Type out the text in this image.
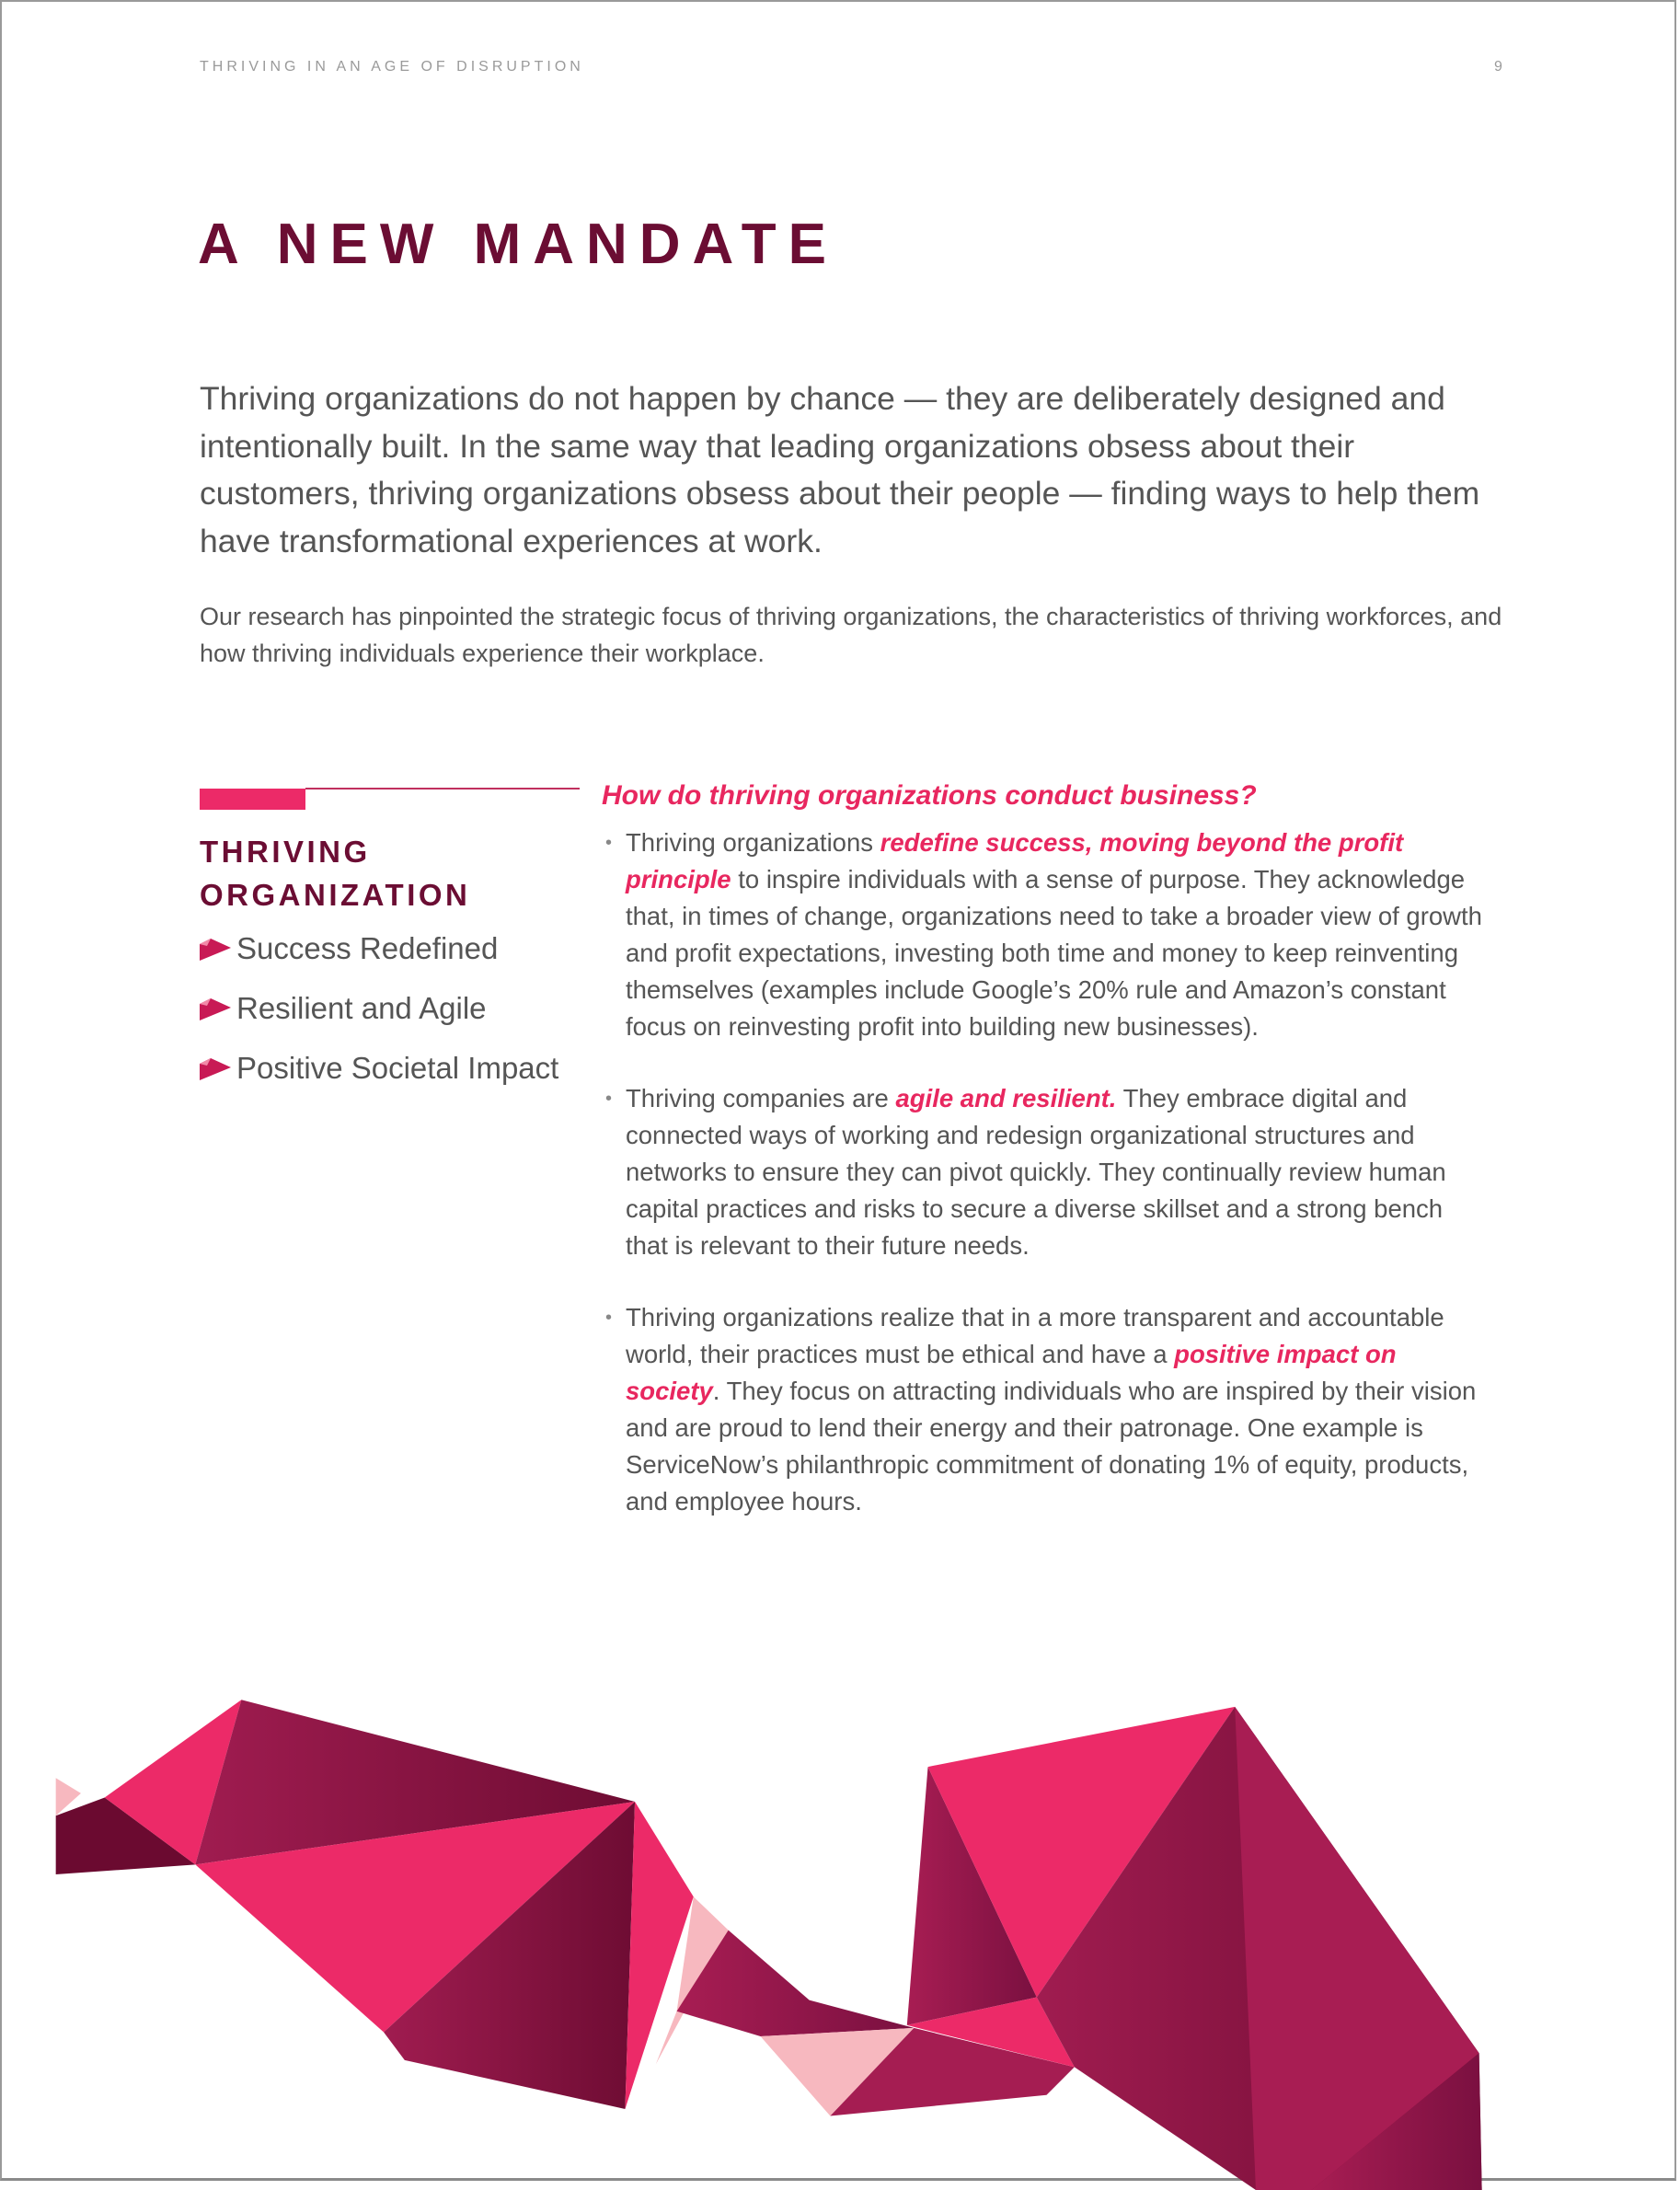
THRIVING IN AN AGE OF DISRUPTION	9
A NEW MANDATE

Thriving organizations do not happen by chance — they are deliberately designed and intentionally built. In the same way that leading organizations obsess about their customers, thriving organizations obsess about their people — finding ways to help them have transformational experiences at work.

Our research has pinpointed the strategic focus of thriving organizations, the characteristics of thriving workforces, and how thriving individuals experience their workplace.

THRIVING
ORGANIZATION
Success Redefined
Resilient and Agile
Positive Societal Impact
How do thriving organizations conduct business?
• Thriving organizations redefine success, moving beyond the profit principle to inspire individuals with a sense of purpose. They acknowledge that, in times of change, organizations need to take a broader view of growth and profit expectations, investing both time and money to keep reinventing themselves (examples include Google’s 20% rule and Amazon’s constant focus on reinvesting profit into building new businesses).
• Thriving companies are agile and resilient. They embrace digital and connected ways of working and redesign organizational structures and networks to ensure they can pivot quickly. They continually review human capital practices and risks to secure a diverse skillset and a strong bench that is relevant to their future needs.
• Thriving organizations realize that in a more transparent and accountable world, their practices must be ethical and have a positive impact on society. They focus on attracting individuals who are inspired by their vision and are proud to lend their energy and their patronage. One example is ServiceNow’s philanthropic commitment of donating 1% of equity, products, and employee hours.
